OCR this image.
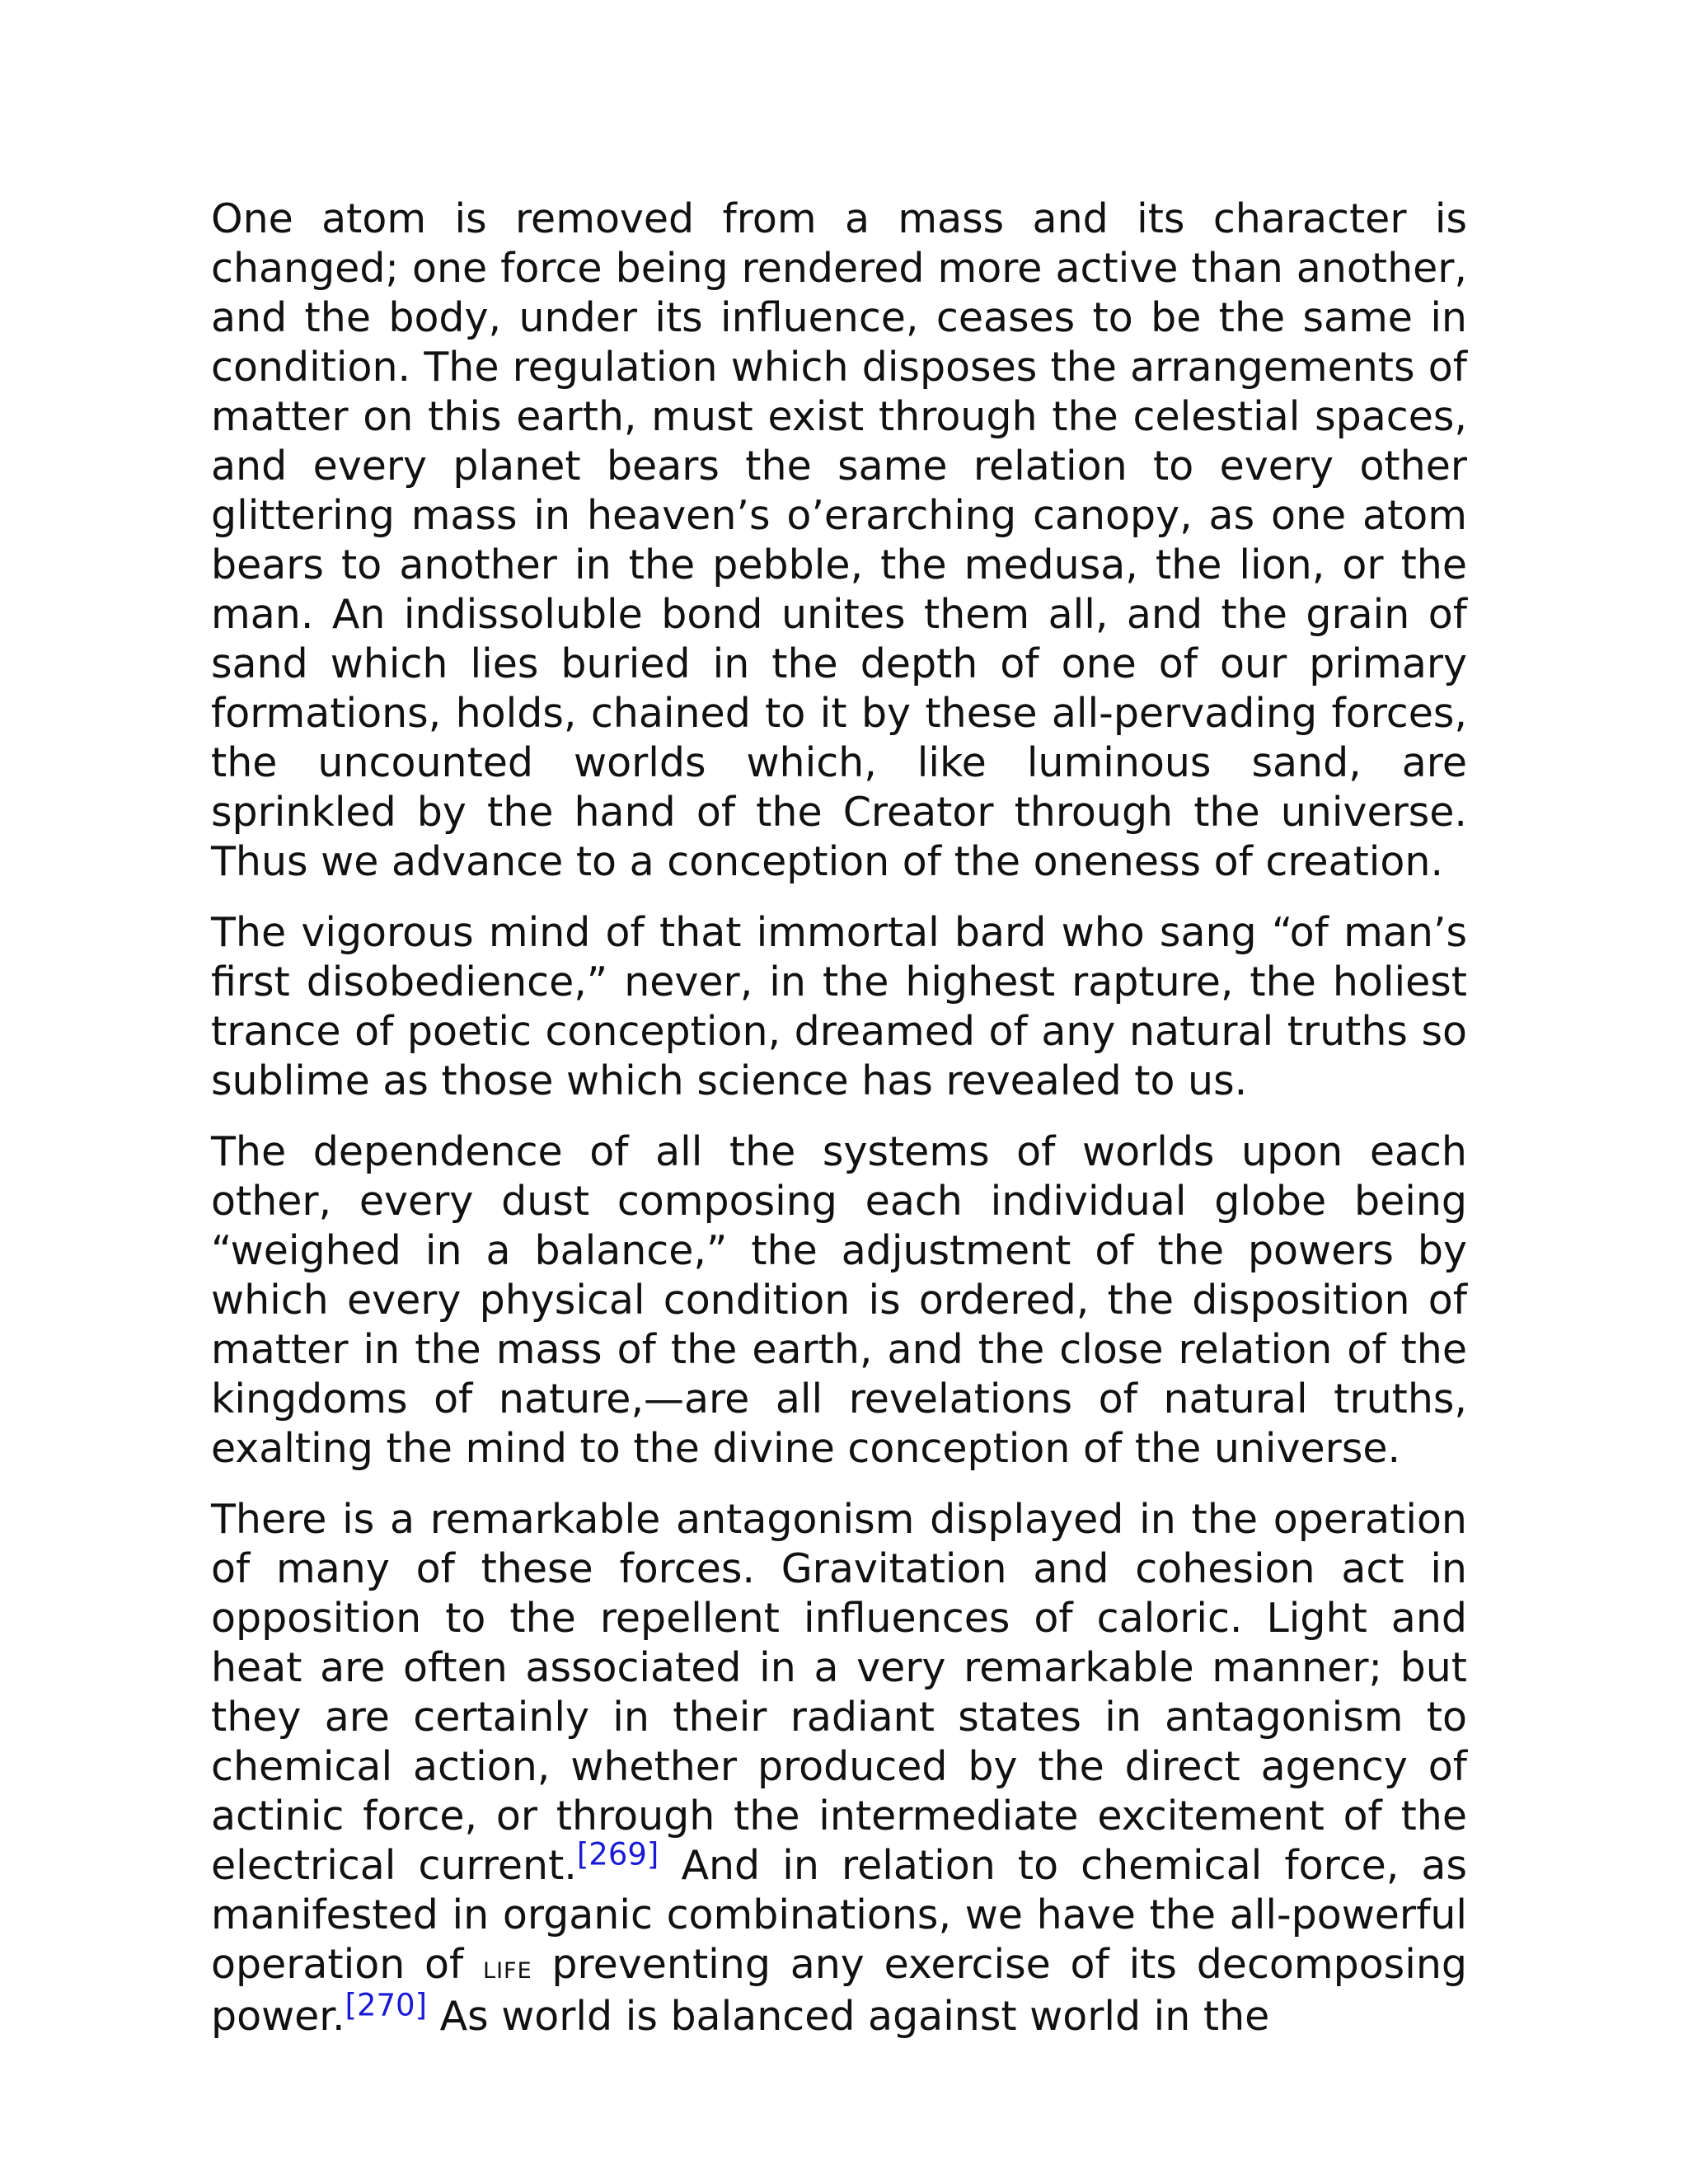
One atom is removed from a mass and its character is changed; one force being rendered more active than another, and the body, under its influence, ceases to be the same in condition. The regulation which disposes the arrangements of matter on this earth, must exist through the celestial spaces, and every planet bears the same relation to every other glittering mass in heaven’s o’erarching canopy, as one atom bears to another in the pebble, the medusa, the lion, or the man. An indissoluble bond unites them all, and the grain of sand which lies buried in the depth of one of our primary formations, holds, chained to it by these all-pervading forces, the uncounted worlds which, like luminous sand, are sprinkled by the hand of the Creator through the universe. Thus we advance to a conception of the oneness of creation.

The vigorous mind of that immortal bard who sang “of man’s first disobedience,” never, in the highest rapture, the holiest trance of poetic conception, dreamed of any natural truths so sublime as those which science has revealed to us.

The dependence of all the systems of worlds upon each other, every dust composing each individual globe being “weighed in a balance,” the adjustment of the powers by which every physical condition is ordered, the disposition of matter in the mass of the earth, and the close relation of the kingdoms of nature,—are all revelations of natural truths, exalting the mind to the divine conception of the universe.

There is a remarkable antagonism displayed in the operation of many of these forces. Gravitation and cohesion act in opposition to the repellent influences of caloric. Light and heat are often associated in a very remarkable manner; but they are certainly in their radiant states in antagonism to chemical action, whether produced by the direct agency of actinic force, or through the intermediate excitement of the electrical current.[269] And in relation to chemical force, as manifested in organic combinations, we have the all-powerful operation of life preventing any exercise of its decomposing power.[270] As world is balanced against world in the
